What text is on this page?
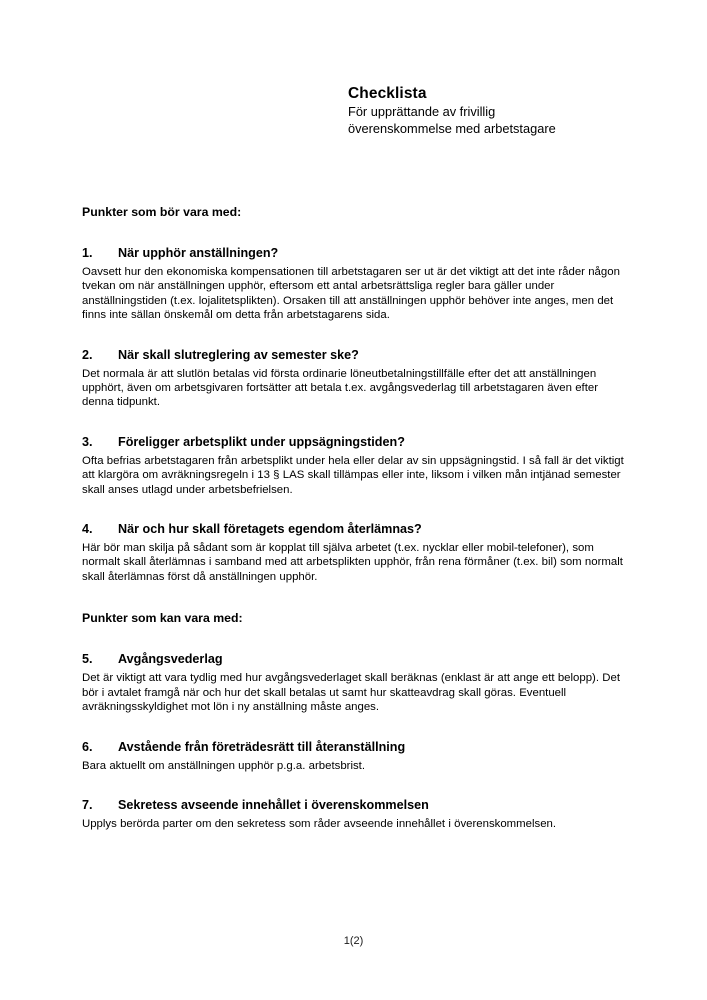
Checklista

För upprättande av frivillig

överenskommelse med arbetstagare

Punkter som bör vara med:
1. När upphör anställningen?

Oavsett hur den ekonomiska kompensationen till arbetstagaren ser ut är det viktigt att det inte råder någon tvekan om när anställningen upphör, eftersom ett antal arbetsrättsliga regler bara gäller under anställningstiden (t.ex. lojalitetsplikten). Orsaken till att anställningen upphör behöver inte anges, men det finns inte sällan önskemål om detta från arbetstagarens sida.

2. När skall slutreglering av semester ske?

Det normala är att slutlön betalas vid första ordinarie löneutbetalningstillfälle efter det att anställningen upphört, även om arbetsgivaren fortsätter att betala t.ex. avgångsvederlag till arbetstagaren även efter denna tidpunkt.

3. Föreligger arbetsplikt under uppsägningstiden?

Ofta befrias arbetstagaren från arbetsplikt under hela eller delar av sin uppsägningstid. I så fall är det viktigt att klargöra om avräkningsregeln i 13 § LAS skall tillämpas eller inte, liksom i vilken mån intjänad semester skall anses utlagd under arbetsbefrielsen.

4. När och hur skall företagets egendom återlämnas?

Här bör man skilja på sådant som är kopplat till själva arbetet (t.ex. nycklar eller mobil-telefoner), som normalt skall återlämnas i samband med att arbetsplikten upphör, från rena förmåner (t.ex. bil) som normalt skall återlämnas först då anställningen upphör.

Punkter som kan vara med:
5. Avgångsvederlag

Det är viktigt att vara tydlig med hur avgångsvederlaget skall beräknas (enklast är att ange ett belopp). Det bör i avtalet framgå när och hur det skall betalas ut samt hur skatteavdrag skall göras. Eventuell avräkningsskyldighet mot lön i ny anställning måste anges.

6. Avstående från företrädesrätt till återanställning

Bara aktuellt om anställningen upphör p.g.a. arbetsbrist.

7. Sekretess avseende innehållet i överenskommelsen

Upplys berörda parter om den sekretess som råder avseende innehållet i överenskommelsen.

1(2)
